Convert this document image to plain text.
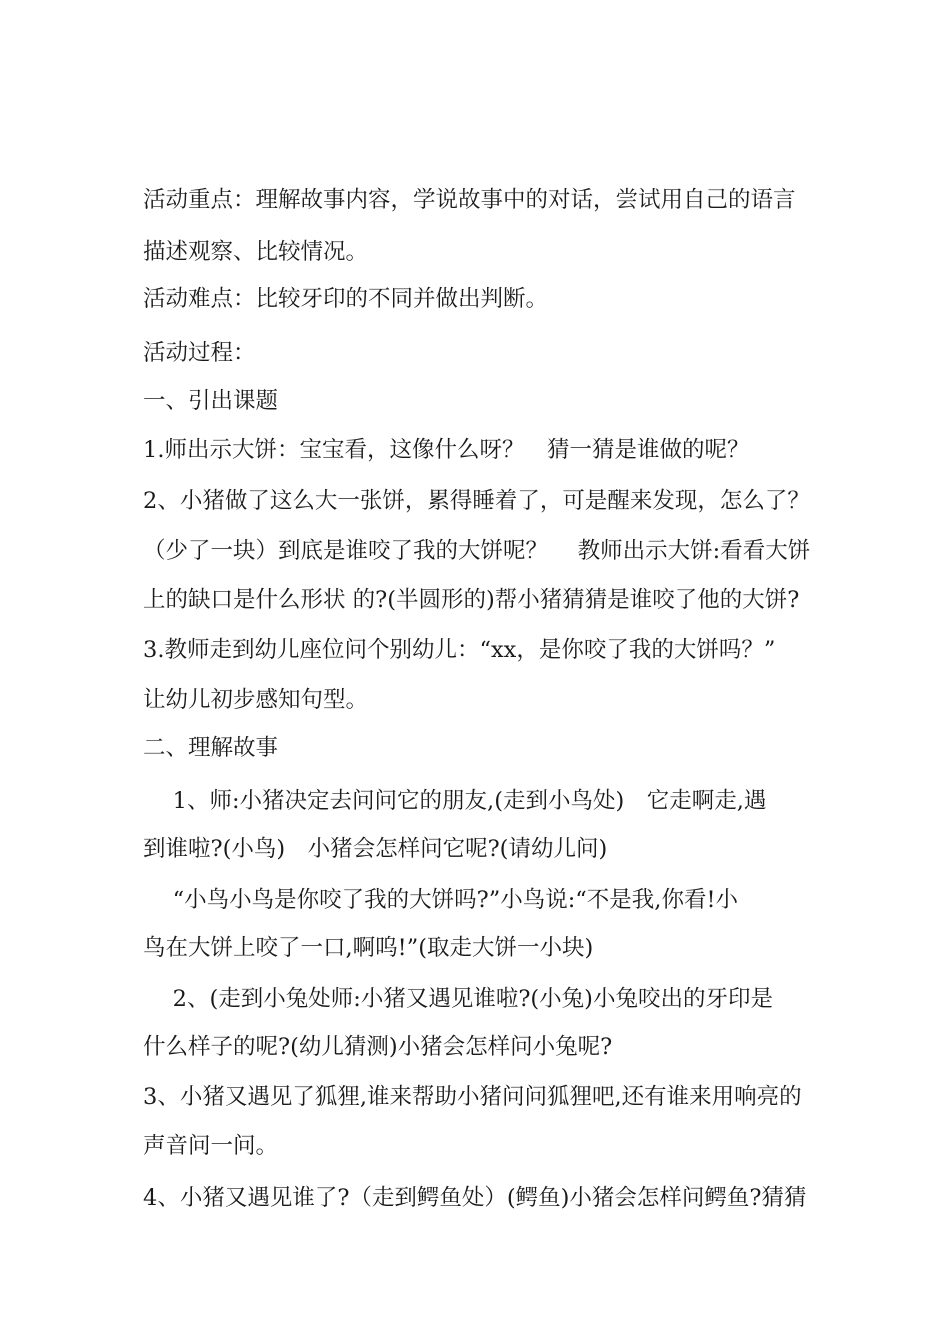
活动重点：理解故事内容，学说故事中的对话，尝试用自己的语言
描述观察、比较情况。
活动难点：比较牙印的不同并做出判断。
活动过程：
一、引出课题
1.师出示大饼：宝宝看，这像什么呀？　猜一猜是谁做的呢？
2、小猪做了这么大一张饼，累得睡着了，可是醒来发现，怎么了？
（少了一块）到底是谁咬了我的大饼呢？　 教师出示大饼:看看大饼
上的缺口是什么形状 的?(半圆形的)帮小猪猜猜是谁咬了他的大饼?
3.教师走到幼儿座位问个别幼儿：“xx，是你咬了我的大饼吗？”
让幼儿初步感知句型。
二、理解故事
　 1、师:小猪决定去问问它的朋友,(走到小鸟处)　它走啊走,遇
到谁啦?(小鸟)　小猪会怎样问它呢?(请幼儿问)
　 “小鸟小鸟是你咬了我的大饼吗?”小鸟说:“不是我,你看!小
鸟在大饼上咬了一口,啊呜!”(取走大饼一小块)
　 2、(走到小兔处师:小猪又遇见谁啦?(小兔)小兔咬出的牙印是
什么样子的呢?(幼儿猜测)小猪会怎样问小兔呢?
3、小猪又遇见了狐狸,谁来帮助小猪问问狐狸吧,还有谁来用响亮的
声音问一问。
4、小猪又遇见谁了?（走到鳄鱼处）(鳄鱼)小猪会怎样问鳄鱼?猜猜
